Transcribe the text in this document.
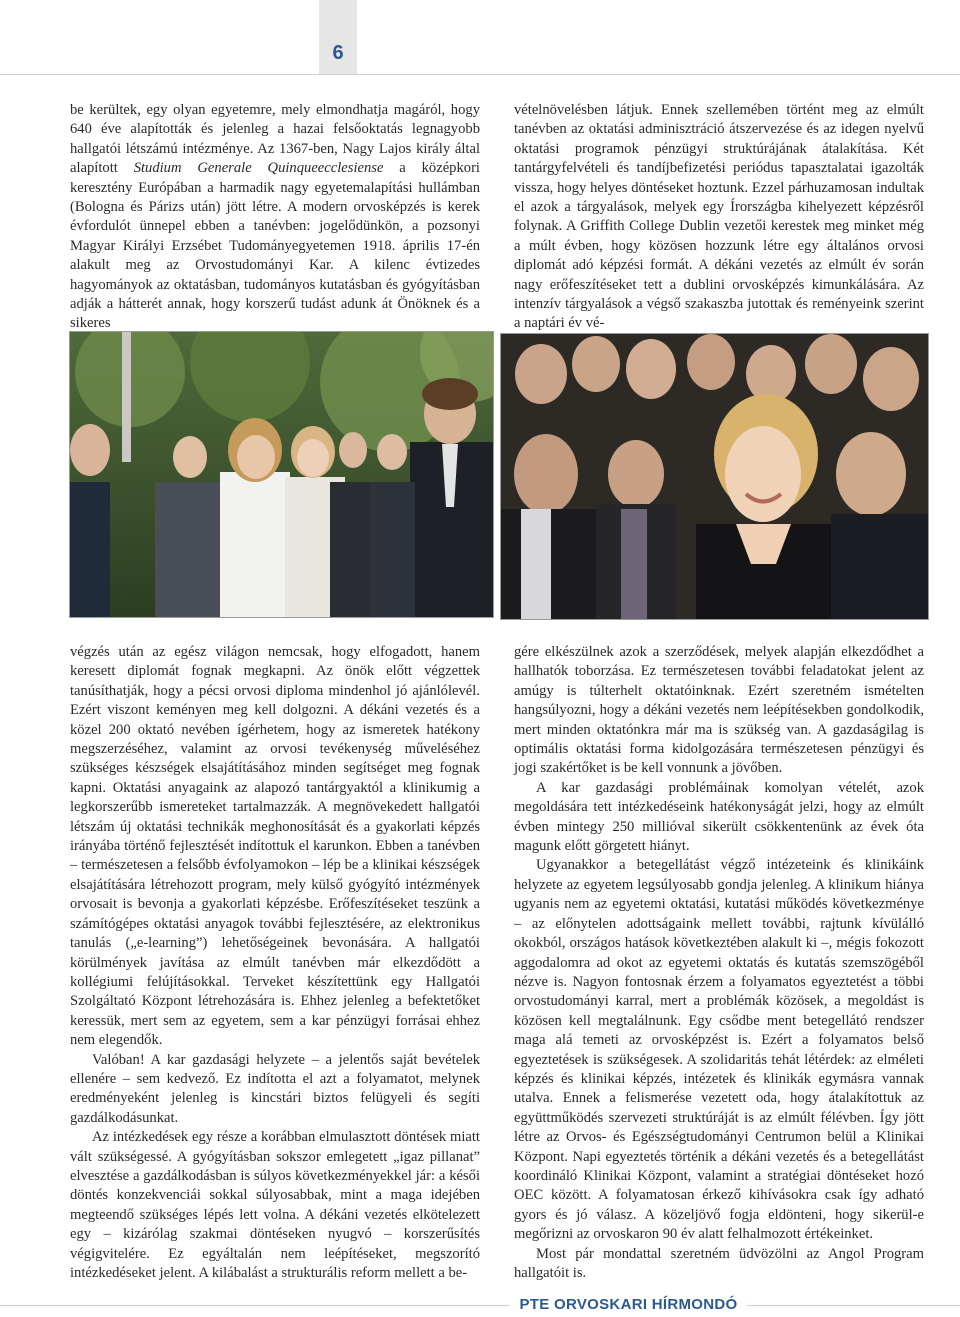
6

be kerültek, egy olyan egyetemre, mely elmondhatja magáról, hogy 640 éve alapították és jelenleg a hazai felsőoktatás legnagyobb hallgatói létszámú intézménye. Az 1367-ben, Nagy Lajos király által alapított Studium Generale Quinqueecclesiense a középkori keresztény Európában a harmadik nagy egyetemalapítási hullámban (Bologna és Párizs után) jött létre. A modern orvosképzés is kerek évfordulót ünnepel ebben a tanévben: jogelődünkön, a pozsonyi Magyar Királyi Erzsébet Tudományegyetemen 1918. április 17-én alakult meg az Orvostudományi Kar. A kilenc évtizedes hagyományok az oktatásban, tudományos kutatásban és gyógyításban adják a hátterét annak, hogy korszerű tudást adunk át Önöknek és a sikeres

vételnövelésben látjuk. Ennek szellemében történt meg az elmúlt tanévben az oktatási adminisztráció átszervezése és az idegen nyelvű oktatási programok pénzügyi struktúrájának átalakítása. Két tantárgyfelvételi és tandíjbefizetési periódus tapasztalatai igazolták vissza, hogy helyes döntéseket hoztunk. Ezzel párhuzamosan indultak el azok a tárgyalások, melyek egy Írországba kihelyezett képzésről folynak. A Griffith College Dublin vezetői kerestek meg minket még a múlt évben, hogy közösen hozzunk létre egy általános orvosi diplomát adó képzési formát. A dékáni vezetés az elmúlt év során nagy erőfeszítéseket tett a dublini orvosképzés kimunkálására. Az intenzív tárgyalások a végső szakaszba jutottak és reményeink szerint a naptári év vé-

végzés után az egész világon nemcsak, hogy elfogadott, hanem keresett diplomát fognak megkapni. Az önök előtt végzettek tanúsíthatják, hogy a pécsi orvosi diploma mindenhol jó ajánlólevél. Ezért viszont keményen meg kell dolgozni. A dékáni vezetés és a közel 200 oktató nevében ígérhetem, hogy az ismeretek hatékony megszerzéséhez, valamint az orvosi tevékenység műveléséhez szükséges készségek elsajátításához minden segítséget meg fognak kapni. Oktatási anyagaink az alapozó tantárgyaktól a klinikumig a legkorszerűbb ismereteket tartalmazzák. A megnövekedett hallgatói létszám új oktatási technikák meghonosítását és a gyakorlati képzés irányába történő fejlesztését indítottuk el karunkon. Ebben a tanévben – természetesen a felsőbb évfolyamokon – lép be a klinikai készségek elsajátítására létrehozott program, mely külső gyógyító intézmények orvosait is bevonja a gyakorlati képzésbe. Erőfeszítéseket teszünk a számítógépes oktatási anyagok további fejlesztésére, az elektronikus tanulás („e-learning”) lehetőségeinek bevonására. A hallgatói körülmények javítása az elmúlt tanévben már elkezdődött a kollégiumi felújításokkal. Terveket készítettünk egy Hallgatói Szolgáltató Központ létrehozására is. Ehhez jelenleg a befektetőket keressük, mert sem az egyetem, sem a kar pénzügyi forrásai ehhez nem elegendők.

Valóban! A kar gazdasági helyzete – a jelentős saját bevételek ellenére – sem kedvező. Ez indította el azt a folyamatot, melynek eredményeként jelenleg is kincstári biztos felügyeli és segíti gazdálkodásunkat.

Az intézkedések egy része a korábban elmulasztott döntések miatt vált szükségessé. A gyógyításban sokszor emlegetett „igaz pillanat” elvesztése a gazdálkodásban is súlyos következményekkel jár: a késői döntés konzekvenciái sokkal súlyosabbak, mint a maga idejében megteendő szükséges lépés lett volna. A dékáni vezetés elkötelezett egy – kizárólag szakmai döntéseken nyugvó – korszerűsítés végigvitelére. Ez egyáltalán nem leépítéseket, megszorító intézkedéseket jelent. A kilábalást a strukturális reform mellett a be-

gére elkészülnek azok a szerződések, melyek alapján elkezdődhet a hallhatók toborzása. Ez természetesen további feladatokat jelent az amúgy is túlterhelt oktatóinknak. Ezért szeretném ismételten hangsúlyozni, hogy a dékáni vezetés nem leépítésekben gondolkodik, mert minden oktatónkra már ma is szükség van. A gazdaságilag is optimális oktatási forma kidolgozására természetesen pénzügyi és jogi szakértőket is be kell vonnunk a jövőben.

A kar gazdasági problémáinak komolyan vételét, azok megoldására tett intézkedéseink hatékonyságát jelzi, hogy az elmúlt évben mintegy 250 millióval sikerült csökkentenünk az évek óta magunk előtt görgetett hiányt.

Ugyanakkor a betegellátást végző intézeteink és klinikáink helyzete az egyetem legsúlyosabb gondja jelenleg. A klinikum hiánya ugyanis nem az egyetemi oktatási, kutatási működés következménye – az előnytelen adottságaink mellett további, rajtunk kívülálló okokból, országos hatások következtében alakult ki –, mégis fokozott aggodalomra ad okot az egyetemi oktatás és kutatás szemszögéből nézve is. Nagyon fontosnak érzem a folyamatos egyeztetést a többi orvostudományi karral, mert a problémák közösek, a megoldást is közösen kell megtalálnunk. Egy csődbe ment betegellátó rendszer maga alá temeti az orvosképzést is. Ezért a folyamatos belső egyeztetések is szükségesek. A szolidaritás tehát létérdek: az elméleti képzés és klinikai képzés, intézetek és klinikák egymásra vannak utalva. Ennek a felismerése vezetett oda, hogy átalakítottuk az együttműködés szervezeti struktúráját is az elmúlt félévben. Így jött létre az Orvos- és Egészségtudományi Centrumon belül a Klinikai Központ. Napi egyeztetés történik a dékáni vezetés és a betegellátást koordináló Klinikai Központ, valamint a stratégiai döntéseket hozó OEC között. A folyamatosan érkező kihívásokra csak így adható gyors és jó válasz. A közeljövő fogja eldönteni, hogy sikerül-e megőrizni az orvoskaron 90 év alatt felhalmozott értékeinket.

Most pár mondattal szeretném üdvözölni az Angol Program hallgatóit is.

PTE ORVOSKARI HÍRMONDÓ
